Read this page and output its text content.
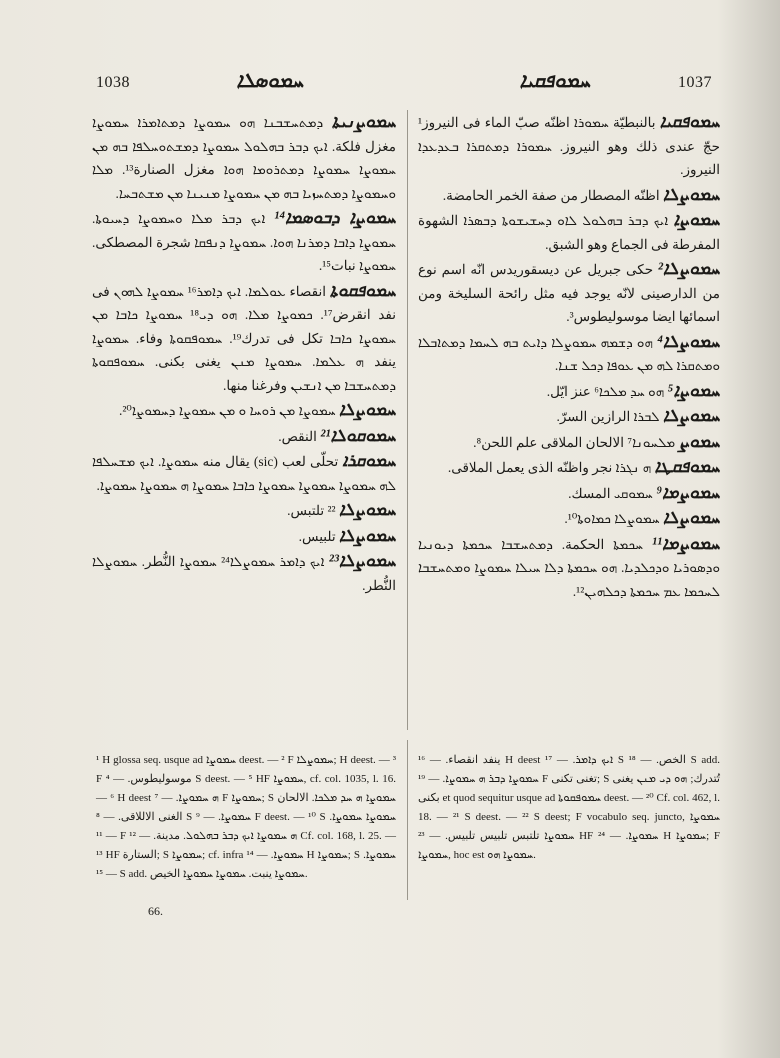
1038	ܚܡܘܣܠܐ	ܚܡܘܦܩܝܐ	1037

ܚܡܘܨܢܝܬܐ ܕܡܬܚܫܒܢܐ ܗܘ ܚܡܘܨܐ ܕܡܬܐܡܪܐ ܚܡܘܨܐ مغزل فلكة. ܐܝܟ ܕܒܪ ܒܗܠܘܠ ܚܡܘܨܐ ܕܡܫܬܘܚܠܦܐ ܒܗ ܡܢ ܚܡܘܨܐ ܚܡܘܨܐ ܕܡܬܪܘܡܐ ܗܘܐ مغزل الصنارة¹³. ܡܠܐ ܘܚܡܘܨܐ ܕܡܬܚܙܝܐ ܒܗ ܡܢ ܚܡܘܨܐ ܡܢܝܢܐ ܡܢ ܡܫܬܒܚܐ.

ܚܡܘܨܐ ܕܒܘܣܡܐ¹⁴ ܐܝܟ ܕܒܪ ܡܠܐ ܘܚܡܘܨܐ ܕܚܝܘܬܐ. ܚܡܘܨܐ ܕܐܒܐ ܕܡܪܢܐ ܗܘܐ. ܚܡܘܨܐ ܕܢܦܩܐ شجرة المصطكى. ܚܡܘܨܐ نبات¹⁵.

ܚܡܘܦܩܘܬܐ انقصاء ܥܘܠܡܐ. ܐܝܟ ܕܐܡܪ¹⁶ ܚܡܘܨܐ ܠܗܘܢ فى نفد انقرض¹⁷. ܟܡܘܨܐ ܡܠܐ. ܗܘ ܕܝ¹⁸ ܚܡܘܨܐ ܟܐܒܐ ܡܢ ܚܡܘܨܐ ܟܐܒܐ تكل فى تدرك¹⁹. ܚܡܘܦܩܘܬܐ وفاء. ܚܡܘܨܐ ينفد ܗ ܥܠܡܐ. ܚܡܘܨܐ ܡܢܢ يغنى بكنى. ܚܡܘܦܩܘܬܐ ܕܡܬܚܫܒܐ ܡܢ ܐܢܫܝܢ وفرغنا منها.

ܚܡܘܨܠܐ ܚܡܘܨܐ ܡܢ ܪܘܚܐ ܘ ܡܢ ܚܡܘܨܐ ܕܚܡܘܨܐ²⁰.

ܚܡܘܩܘܠܐ²¹ النقص.

ܚܡܘܩܪܐ تحلّى لعب (sic) يقال منه ܚܡܘܨܐ. ܐܝܟ ܡܫܚܠܦܐ ܠܗ ܚܡܘܨܐ ܚܡܘܨܐ ܚܡܘܨܐ ܟܐܒܐ ܚܡܘܨܐ ܗ ܚܡܘܨܐ ܚܡܘܨܐ.

ܚܡܘܨܠܐ ²² تلتبس.

ܚܡܘܨܠܐ تلبيس.

ܚܡܘܨܠܐ²³ ܐܝܟ ܕܐܡܪ ܚܡܘܨܠܐ²⁴ ܚܡܘܨܐ النُّطر. ܚܡܘܨܠܐ النُّطر.

ܚܡܘܦܩܝܐ بالنبطيّة ܚܡܘܪܐ اظنّه صبّ الماء فى النيروز¹ حجّ عندى ذلك وهو النيروز. ܚܡܘܪܐ ܕܡܬܩܪܐ ܒܥܕܥܕܐ النيروز.

ܚܡܘܨܠܐ اظنّه المصطار من صفة الخمر الحامضة.

ܚܡܘܨܐ ܐܝܟ ܕܒܪ ܒܗܠܘܠ ܠܐܘ ܕܚܫܝܫܘܬܐ ܕܒܣܪܐ الشهوة المفرطة فى الجماع وهو الشبق.

ܚܡܘܨܠܐ² حكى جبريل عن ديسقوريدس انّه اسم نوع من الدارصينى لانّه يوجد فيه مثل رائحة السليخة ومن اسمائها ايضا موسوليطوس³.

ܚܡܘܨܠܐ⁴ ܗܘ ܕܫܡܗ ܚܡܘܨܠܐ ܕܐܝܬ ܒܗ ܠܚܡܐ ܕܡܬܐܒܠܐ ܘܡܬܩܪܐ ܠܗ ܡܢ ܥܘܦܐ ܕܟܠ ܫܢܐ.

ܚܡܘܨܐ⁵ ܗܘ ܚܕ ܡܠܟܐ⁶ عنز ايّل.

ܚܡܘܨܠܐ ܠܒܪܐ الرازين السرّ.

ܚܡܘܨ ܡܠܚܘܢܐ⁷ الالحان الملاقى علم اللحن⁸.

ܚܡܘܦܩܛܐ ܗ ܢܓܪܐ نجر واظنّه الذى يعمل الملاقى.

ܚܡܘܨܡܐ⁹ ܚܡܘܩܝ المسك.

ܚܡܘܨܠܐ ܚܡܘܨܠܐ ܟܡܐܘܬܐ¹⁰.

ܚܡܘܨܡܐ¹¹ ܚܟܡܬܐ الحكمة. ܕܡܬܚܫܒܐ ܚܟܡܬܐ ܕܝܘܢܝܐ ܘܕܣܘܪܝܐ ܘܕܟܠܕܝܐ. ܗܘ ܚܟܡܬܐ ܕܠܐ ܚܝܠܐ ܚܡܘܨܐ ܘܡܬܚܫܒܐ ܠܚܟܡܐ ܥܡ ܚܟܡܬܐ ܕܟܠܗܝܢ¹².

¹ H glossa seq. usque ad ܚܡܘܨܐ deest. — ² F ܚܡܘܨܠܐ; H deest. — ³ F موسوليطوس. — ⁴ S deest. — ⁵ HF ܚܡܘܨܐ, cf. col. 1035, l. 16. — ⁶ H deest ܗ ܚܡܘܨܐ. — ⁷ F ܚܡܘܨܐ; S ܚܡܘܨܐ ܗ ܚܕ ܡܠܟܐ. الالحان الغنى الاللاقى. — ⁸ S ܚܡܘܨܐ. — ⁹ F deest. — ¹⁰ S ܚܡܘܨܐ ܚܡܘܨܐ. — ¹¹ F ܗ ܚܡܘܨܐ ܐܝܟ ܕܒܪ ܒܗܠܘܠ. مدينة. — ¹² Cf. col. 168, l. 25. — ¹³ HF الستارة; S ܚܡܘܨܐ; cf. infra ܚܡܘܨܐ. — ¹⁴ H ܚܡܘܨܐ; S ܚܡܘܨܐ. — ¹⁵ S add. ܚܡܘܨܐ ينبت. ܚܡܘܨܐ ܚܡܘܨܐ الخيص.

ينفد انقصاء. — ¹⁶ H deest ܐܝܟ ܕܐܡܪ. — ¹⁷ S الخص. — ¹⁸ S add. ܚܡܘܨܐ ܕܒܪ ܗ ܚܡܘܨܐ. — ¹⁹ F تغنى تكنى; S تُتدرك; ܗܘ ܕܝ ܡܢܢ يغنى بكنى et quod sequitur usque ad ܚܡܘܦܩܘܬܐ deest. — ²⁰ Cf. col. 462, l. 18. — ²¹ S deest. — ²² S deest; F vocabulo seq. juncto, ܚܡܘܨܐ ܚܡܘܨܐ تلتبس تلبيس تلبيس. — ²³ HF ܚܡܘܨܐ. — ²⁴ H ܚܡܘܨܐ; F ܚܡܘܨܐ, hoc est ܚܡܘܨܐ ܗܘ.

66.
